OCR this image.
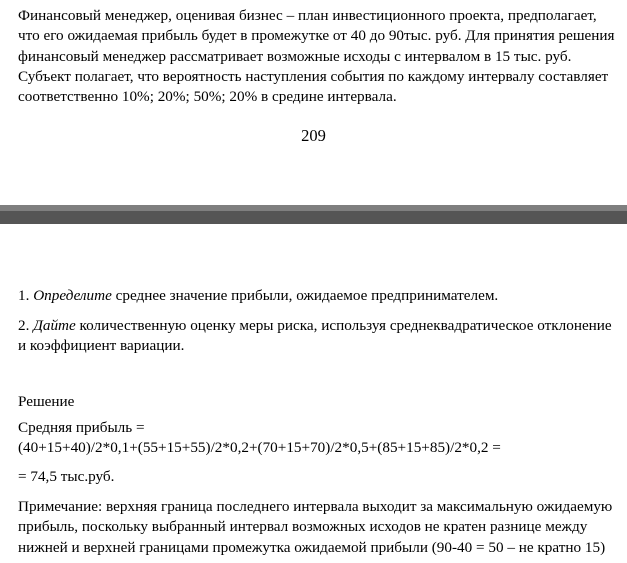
Финансовый менеджер, оценивая бизнес – план инвестиционного проекта, предполагает, что его ожидаемая прибыль будет в промежутке от 40 до 90тыс. руб. Для принятия решения финансовый менеджер рассматривает возможные исходы с интервалом в 15 тыс. руб. Субъект полагает, что вероятность наступления события по каждому интервалу составляет соответственно 10%; 20%; 50%; 20% в средине интервала.

209

1. Определите среднее значение прибыли, ожидаемое предпринимателем.

2. Дайте количественную оценку меры риска, используя среднеквадратическое отклонение и коэффициент вариации.

Решение

Средняя прибыль =

(40+15+40)/2*0,1+(55+15+55)/2*0,2+(70+15+70)/2*0,5+(85+15+85)/2*0,2 =

= 74,5 тыс.руб.

Примечание: верхняя граница последнего интервала выходит за максимальную ожидаемую прибыль, поскольку выбранный интервал возможных исходов не кратен разнице между нижней и верхней границами промежутка ожидаемой прибыли (90-40 = 50 – не кратно 15)
